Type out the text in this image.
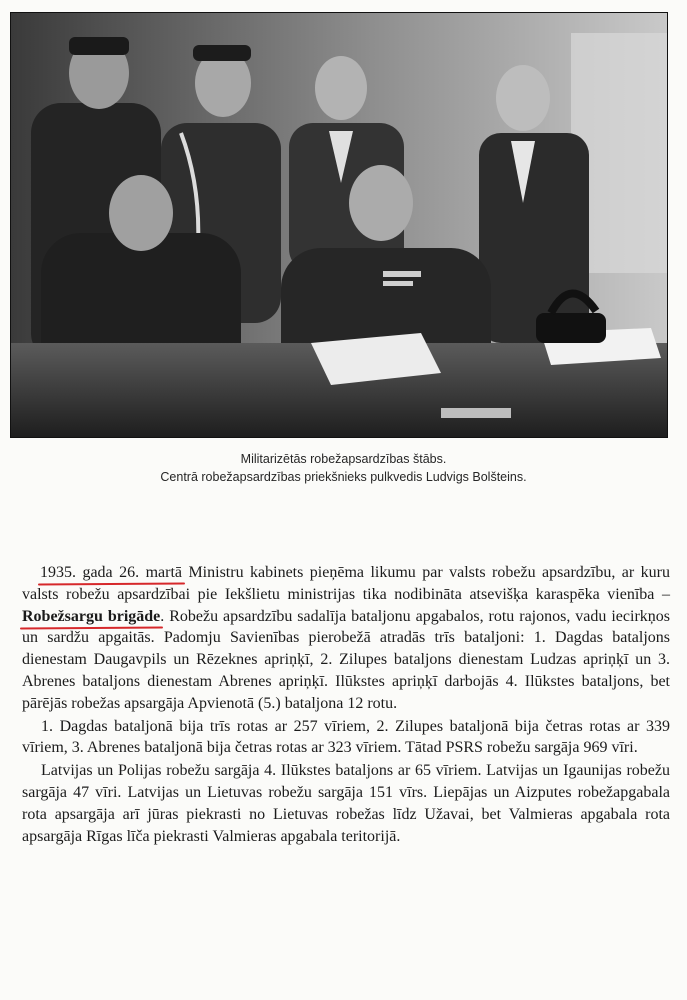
Militarizētās robežapsardzības štābs.
Centrā robežapsardzības priekšnieks pulkvedis Ludvigs Bolšteins.

1935. gada 26. martā Ministru kabinets pieņēma likumu par valsts robežu apsardzību, ar kuru valsts robežu apsardzībai pie Iekšlietu ministrijas tika nodibināta atsevišķa karaspēka vienība – Robežsargu brigāde. Robežu apsardzību sadalīja bataljonu apgabalos, rotu rajonos, vadu iecirkņos un sardžu apgaitās. Padomju Savienības pierobežā atradās trīs bataljoni: 1. Dagdas bataljons dienestam Daugavpils un Rēzeknes apriņķī, 2. Zilupes bataljons dienestam Ludzas apriņķī un 3. Abrenes bataljons dienestam Abrenes apriņķī. Ilūkstes apriņķī darbojās 4. Ilūkstes bataljons, bet pārējās robežas apsargāja Apvienotā (5.) bataljona 12 rotu.

1. Dagdas bataljonā bija trīs rotas ar 257 vīriem, 2. Zilupes bataljonā bija četras rotas ar 339 vīriem, 3. Abrenes bataljonā bija četras rotas ar 323 vīriem. Tātad PSRS robežu sargāja 969 vīri.

Latvijas un Polijas robežu sargāja 4. Ilūkstes bataljons ar 65 vīriem. Latvijas un Igaunijas robežu sargāja 47 vīri. Latvijas un Lietuvas robežu sargāja 151 vīrs. Liepājas un Aizputes robežapgabala rota apsargāja arī jūras piekrasti no Lietuvas robežas līdz Užavai, bet Valmieras apgabala rota apsargāja Rīgas līča piekrasti Valmieras apgabala teritorijā.
